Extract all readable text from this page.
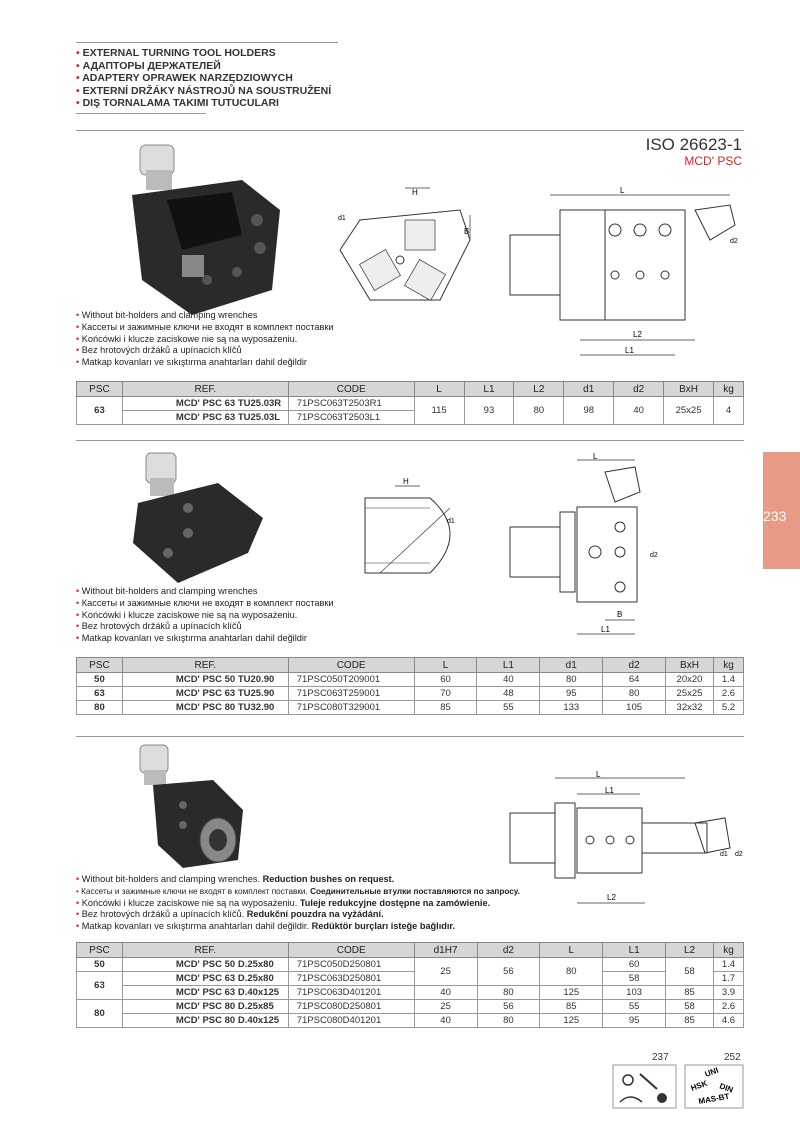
• EXTERNAL TURNING TOOL HOLDERS
• АДАПТОРЫ ДЕРЖАТЕЛЕЙ
• ADAPTERY OPRAWEK NARZĘDZIOWYCH
• EXTERNÍ DRŽÁKY NÁSTROJŮ NA SOUSTRUŽENÍ
• DIŞ TORNALAMA TAKIMI TUTUCULARI
ISO 26623-1
MCD' PSC
233
H
B
d1
L
L2
L1
d2
• Without bit-holders and clamping wrenches
• Кассеты и зажимные ключи не входят в комплект поставки
• Końcówki i klucze zaciskowe nie są na wyposażeniu.
• Bez hrotových držáků a upínacích klíčů
• Matkap kovanları ve sıkıştırma anahtarları dahil değildir
PSC	REF.	CODE	L	L1	L2	d1	d2	BxH	kg
63	MCD' PSC 63 TU25.03R	71PSC063T2503R1	115	93	80	98	40	25x25	4
	MCD' PSC 63 TU25.03L	71PSC063T2503L1							
H
d1
L
d2
B
L1
• Without bit-holders and clamping wrenches
• Кассеты и зажимные ключи не входят в комплект поставки
• Końcówki i klucze zaciskowe nie są na wyposażeniu.
• Bez hrotových držáků a upínacích klíčů
• Matkap kovanları ve sıkıştırma anahtarları dahil değildir
PSC	REF.	CODE	L	L1	d1	d2	BxH	kg
50	MCD' PSC 50 TU20.90	71PSC050T209001	60	40	80	64	20x20	1.4
63	MCD' PSC 63 TU25.90	71PSC063T259001	70	48	95	80	25x25	2.6
80	MCD' PSC 80 TU32.90	71PSC080T329001	85	55	133	105	32x32	5.2
L
L1
d1 d2
L2
• Without bit-holders and clamping wrenches. Reduction bushes on request.
• Кассеты и зажимные ключи не входят в комплект поставки. Соединительные втулки поставляются по запросу.
• Końcówki i klucze zaciskowe nie są na wyposażeniu. Tuleje redukcyjne dostępne na zamówienie.
• Bez hrotových držáků a upínacích klíčů. Redukční pouzdra na vyžádání.
• Matkap kovanları ve sıkıştırma anahtarları dahil değildir. Redüktör burçları isteğe bağlıdır.
PSC	REF.	CODE	d1H7	d2	L	L1	L2	kg
50	MCD' PSC 50 D.25x80	71PSC050D250801	25	56	80	60	58	1.4
63	MCD' PSC 63 D.25x80	71PSC063D250801				58		1.7
	MCD' PSC 63 D.40x125	71PSC063D401201	40	80	125	103	85	3.9
80	MCD' PSC 80 D.25x85	71PSC080D250801	25	56	85	55	58	2.6
	MCD' PSC 80 D.40x125	71PSC080D401201	40	80	125	95	85	4.6
237	252
UNI
HSK DIN
MAS-BT
